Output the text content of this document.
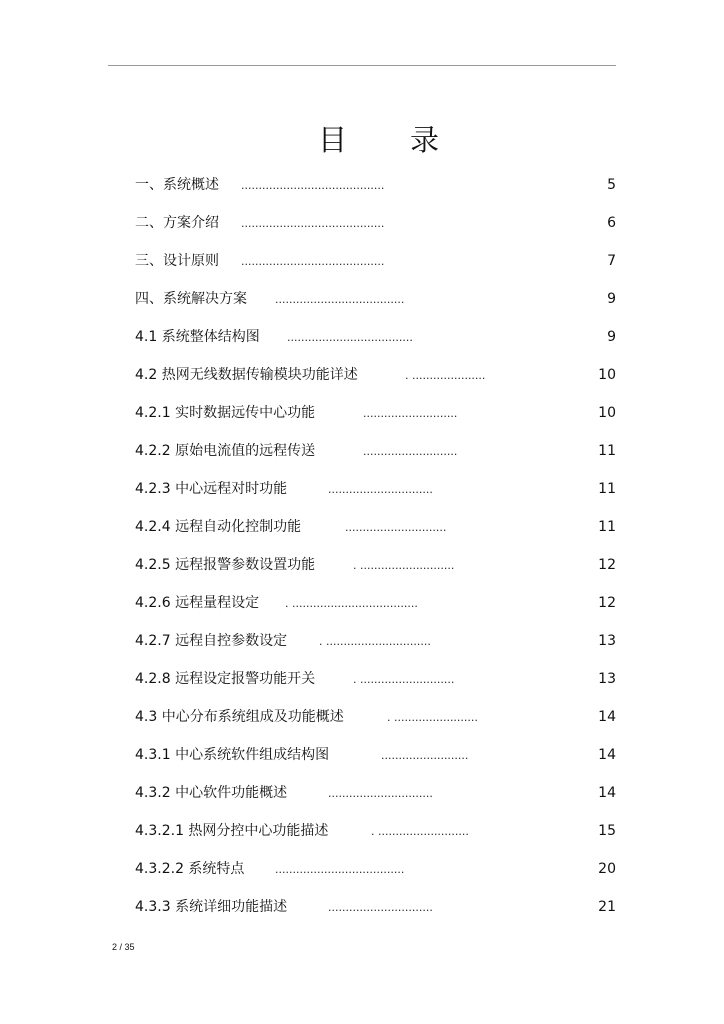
目 录
一、系统概述 .........................................	5
二、方案介绍 .........................................	6
三、设计原则 .........................................	7
四、系统解决方案	.....................................	9
4.1 系统整体结构图 ....................................	9
4.2 热网无线数据传输模块功能详述	. .....................	10
4.2.1 实时数据远传中心功能	...........................	10
4.2.2 原始电流值的远程传送	...........................	11
4.2.3 中心远程对时功能	..............................	11
4.2.4 远程自动化控制功能	.............................	11
4.2.5 远程报警参数设置功能	. ...........................	12
4.2.6 远程量程设定 . ....................................	12
4.2.7 远程自控参数设定	. ..............................	13
4.2.8 远程设定报警功能开关	. ...........................	13
4.3 中心分布系统组成及功能概述	. ........................	14
4.3.1 中心系统软件组成结构图	.........................	14
4.3.2 中心软件功能概述	..............................	14
4.3.2.1 热网分控中心功能描述	. ..........................	15
4.3.2.2 系统特点	.....................................	20
4.3.3 系统详细功能描述	..............................	21
2 / 35
